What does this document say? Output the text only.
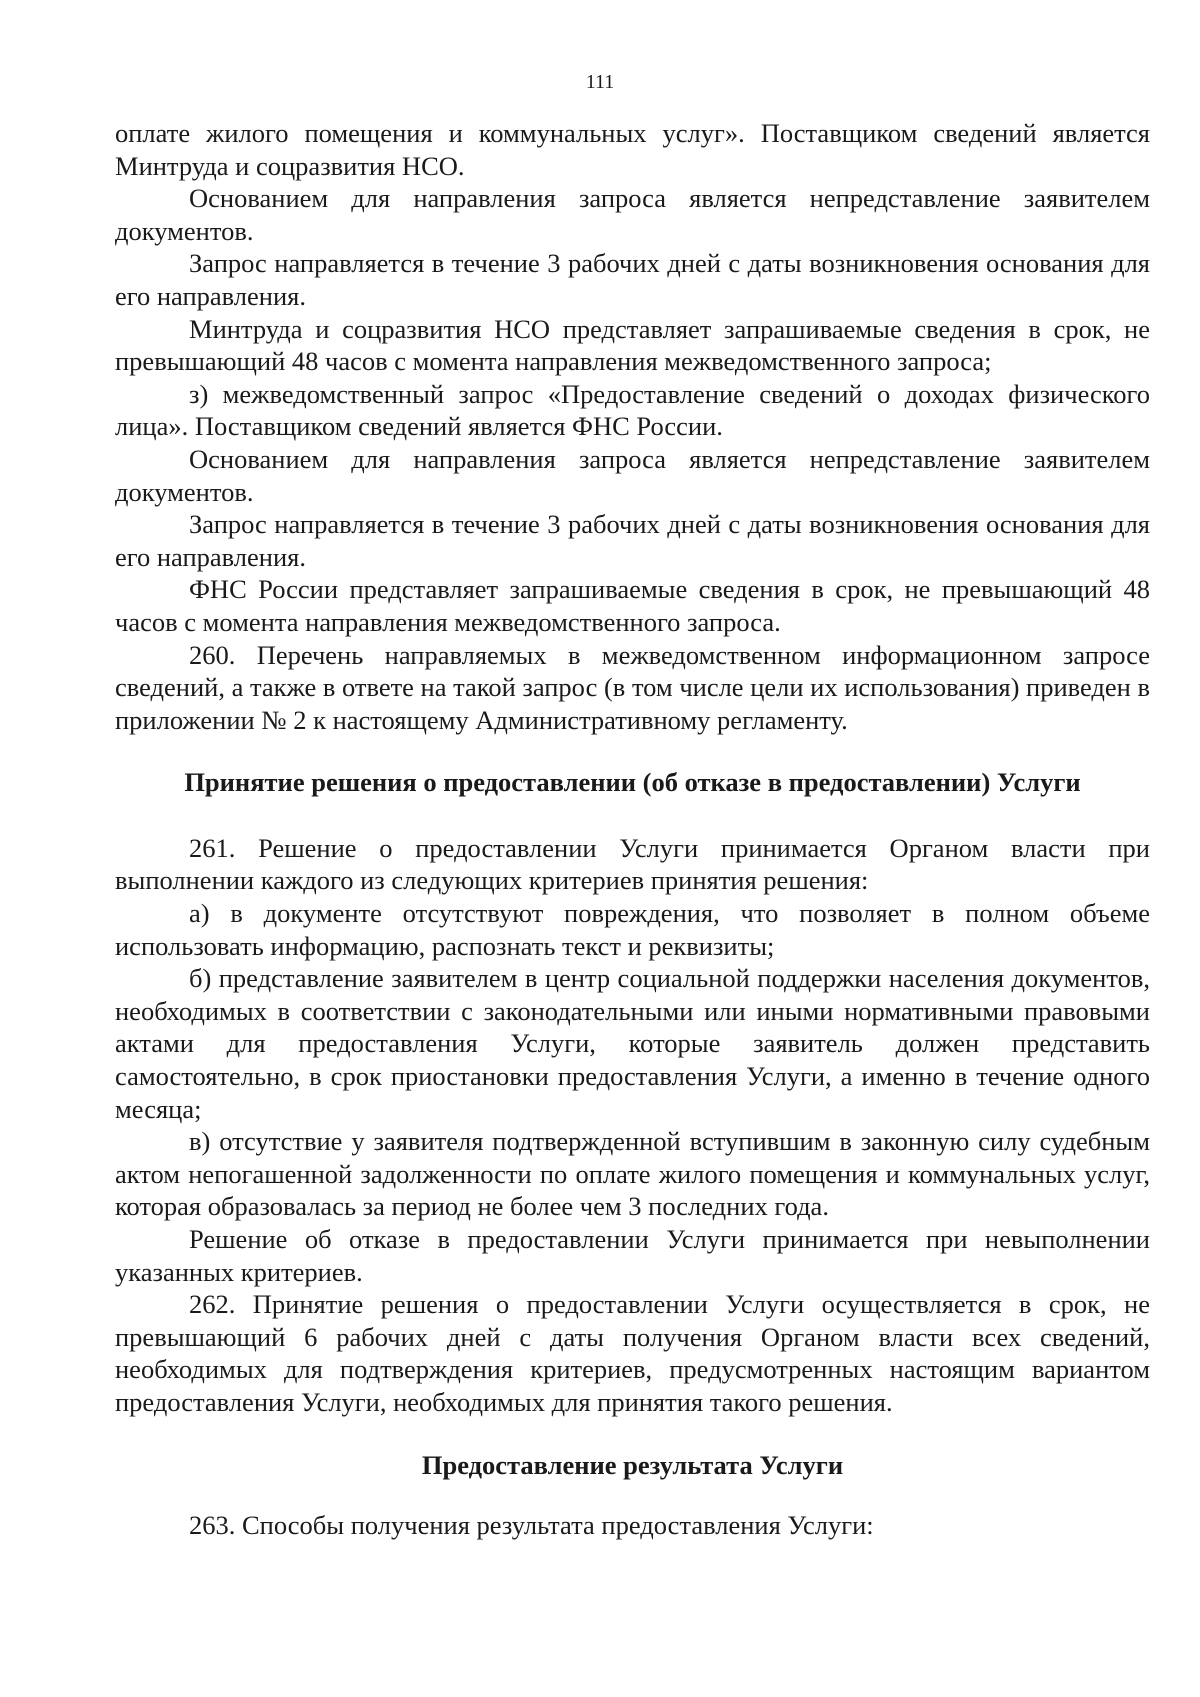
111

оплате жилого помещения и коммунальных услуг». Поставщиком сведений является Минтруда и соцразвития НСО.

Основанием для направления запроса является непредставление заявителем документов.

Запрос направляется в течение 3 рабочих дней с даты возникновения основания для его направления.

Минтруда и соцразвития НСО представляет запрашиваемые сведения в срок, не превышающий 48 часов с момента направления межведомственного запроса;

з) межведомственный запрос «Предоставление сведений о доходах физического лица». Поставщиком сведений является ФНС России.

Основанием для направления запроса является непредставление заявителем документов.

Запрос направляется в течение 3 рабочих дней с даты возникновения основания для его направления.

ФНС России представляет запрашиваемые сведения в срок, не превышающий 48 часов с момента направления межведомственного запроса.

260. Перечень направляемых в межведомственном информационном запросе сведений, а также в ответе на такой запрос (в том числе цели их использования) приведен в приложении № 2 к настоящему Административному регламенту.

Принятие решения о предоставлении (об отказе в предоставлении) Услуги

261. Решение о предоставлении Услуги принимается Органом власти при выполнении каждого из следующих критериев принятия решения:

а) в документе отсутствуют повреждения, что позволяет в полном объеме использовать информацию, распознать текст и реквизиты;

б) представление заявителем в центр социальной поддержки населения документов, необходимых в соответствии с законодательными или иными нормативными правовыми актами для предоставления Услуги, которые заявитель должен представить самостоятельно, в срок приостановки предоставления Услуги, а именно в течение одного месяца;

в) отсутствие у заявителя подтвержденной вступившим в законную силу судебным актом непогашенной задолженности по оплате жилого помещения и коммунальных услуг, которая образовалась за период не более чем 3 последних года.

Решение об отказе в предоставлении Услуги принимается при невыполнении указанных критериев.

262. Принятие решения о предоставлении Услуги осуществляется в срок, не превышающий 6 рабочих дней с даты получения Органом власти всех сведений, необходимых для подтверждения критериев, предусмотренных настоящим вариантом предоставления Услуги, необходимых для принятия такого решения.

Предоставление результата Услуги

263. Способы получения результата предоставления Услуги:
